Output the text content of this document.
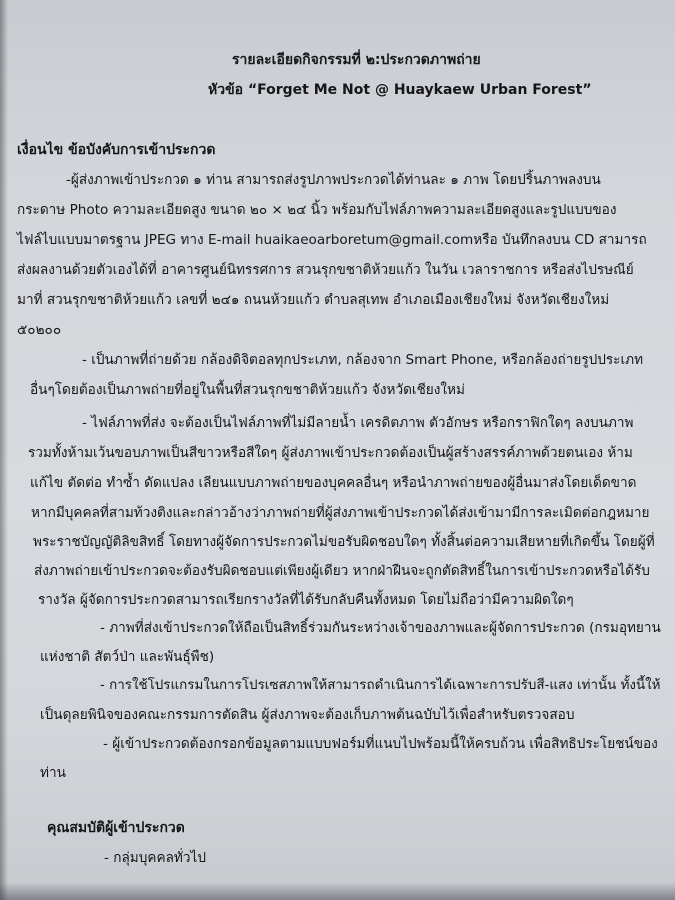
รายละเอียดกิจกรรมที่ ๒:ประกวดภาพถ่าย
หัวข้อ “Forget Me Not @ Huaykaew Urban Forest”
เงื่อนไข ข้อบังคับการเข้าประกวด
-ผู้ส่งภาพเข้าประกวด ๑ ท่าน สามารถส่งรูปภาพประกวดได้ท่านละ ๑ ภาพ โดยปริ้นภาพลงบน
กระดาษ Photo ความละเอียดสูง ขนาด ๒๐ × ๒๔ นิ้ว พร้อมกับไฟล์ภาพความละเอียดสูงและรูปแบบของ
ไฟล์ไบแบบมาตรฐาน JPEG ทาง E-mail huaikaeoarboretum@gmail.comหรือ บันทึกลงบน CD สามารถ
ส่งผลงานด้วยตัวเองได้ที่ อาคารศูนย์นิทรรศการ สวนรุกขชาติห้วยแก้ว ในวัน เวลาราชการ หรือส่งไปรษณีย์
มาที่ สวนรุกขชาติห้วยแก้ว เลขที่ ๒๔๑ ถนนห้วยแก้ว ตำบลสุเทพ อำเภอเมืองเชียงใหม่ จังหวัดเชียงใหม่
๕๐๒๐๐
- เป็นภาพที่ถ่ายด้วย กล้องดิจิตอลทุกประเภท, กล้องจาก Smart Phone, หรือกล้องถ่ายรูปประเภท
อื่นๆโดยต้องเป็นภาพถ่ายที่อยู่ในพื้นที่สวนรุกขชาติห้วยแก้ว จังหวัดเชียงใหม่
- ไฟล์ภาพที่ส่ง จะต้องเป็นไฟล์ภาพที่ไม่มีลายน้ำ เครดิตภาพ ตัวอักษร หรือกราฟิกใดๆ ลงบนภาพ
รวมทั้งห้ามเว้นขอบภาพเป็นสีขาวหรือสีใดๆ ผู้ส่งภาพเข้าประกวดต้องเป็นผู้สร้างสรรค์ภาพด้วยตนเอง ห้าม
แก้ไข ตัดต่อ ทำซ้ำ ดัดแปลง เลียนแบบภาพถ่ายของบุคคลอื่นๆ หรือนำภาพถ่ายของผู้อื่นมาส่งโดยเด็ดขาด
หากมีบุคคลที่สามท้วงติงและกล่าวอ้างว่าภาพถ่ายที่ผู้ส่งภาพเข้าประกวดได้ส่งเข้ามามีการละเมิดต่อกฎหมาย
พระราชบัญญัติลิขสิทธิ์ โดยทางผู้จัดการประกวดไม่ขอรับผิดชอบใดๆ ทั้งสิ้นต่อความเสียหายที่เกิดขึ้น โดยผู้ที่
ส่งภาพถ่ายเข้าประกวดจะต้องรับผิดชอบแต่เพียงผู้เดียว หากฝ่าฝืนจะถูกตัดสิทธิ์ในการเข้าประกวดหรือได้รับ
รางวัล ผู้จัดการประกวดสามารถเรียกรางวัลที่ได้รับกลับคืนทั้งหมด โดยไม่ถือว่ามีความผิดใดๆ
- ภาพที่ส่งเข้าประกวดให้ถือเป็นสิทธิ์ร่วมกันระหว่างเจ้าของภาพและผู้จัดการประกวด (กรมอุทยาน
แห่งชาติ สัตว์ป่า และพันธุ์พืช)
- การใช้โปรแกรมในการโปรเซสภาพให้สามารถดำเนินการได้เฉพาะการปรับสี-แสง เท่านั้น ทั้งนี้ให้
เป็นดุลยพินิจของคณะกรรมการตัดสิน ผู้ส่งภาพจะต้องเก็บภาพต้นฉบับไว้เพื่อสำหรับตรวจสอบ
- ผู้เข้าประกวดต้องกรอกข้อมูลตามแบบฟอร์มที่แนบไปพร้อมนี้ให้ครบถ้วน เพื่อสิทธิประโยชน์ของ
ท่าน
คุณสมบัติผู้เข้าประกวด
- กลุ่มบุคคลทั่วไป
